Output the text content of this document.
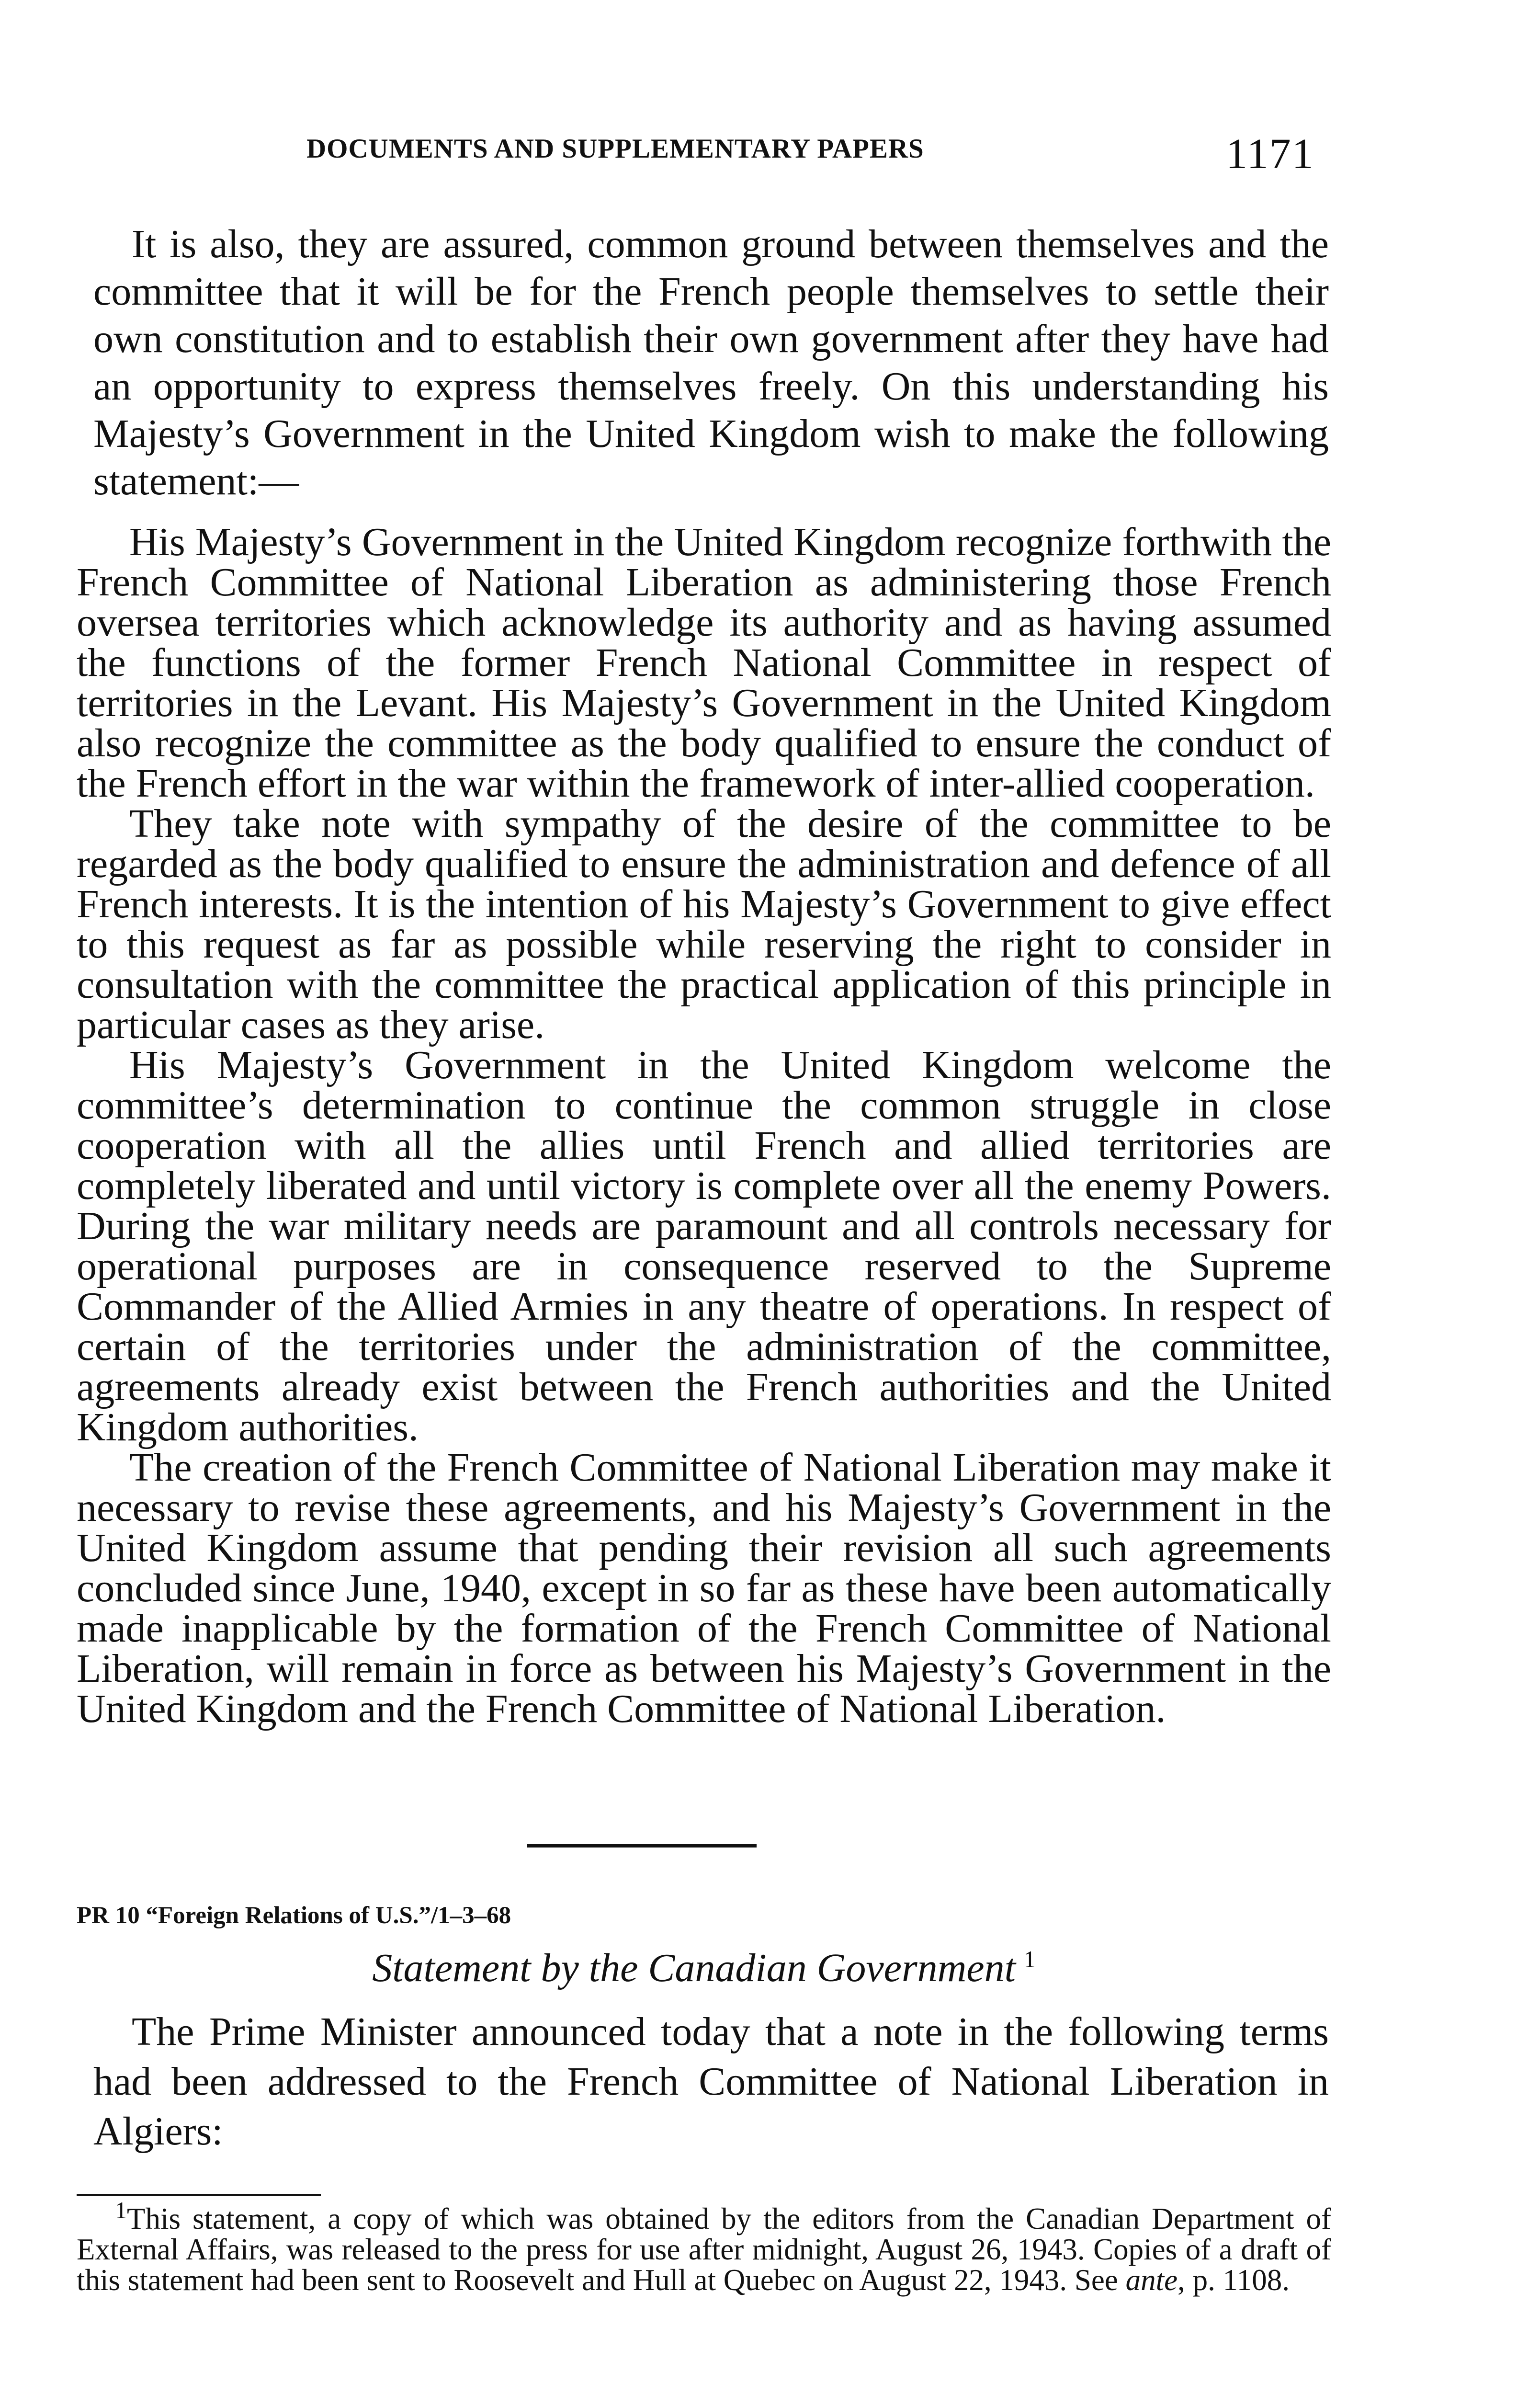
DOCUMENTS AND SUPPLEMENTARY PAPERS	1171

It is also, they are assured, common ground between themselves and the committee that it will be for the French people themselves to settle their own constitution and to establish their own government after they have had an opportunity to express themselves freely. On this understanding his Majesty’s Government in the United Kingdom wish to make the following statement:—

His Majesty’s Government in the United Kingdom recognize forthwith the French Committee of National Liberation as administering those French oversea territories which acknowledge its authority and as having assumed the functions of the former French National Committee in respect of territories in the Levant. His Majesty’s Government in the United Kingdom also recognize the committee as the body qualified to ensure the conduct of the French effort in the war within the framework of inter-allied cooperation.

They take note with sympathy of the desire of the committee to be regarded as the body qualified to ensure the administration and defence of all French interests. It is the intention of his Majesty’s Government to give effect to this request as far as possible while reserving the right to consider in consultation with the committee the practical application of this principle in particular cases as they arise.

His Majesty’s Government in the United Kingdom welcome the committee’s determination to continue the common struggle in close cooperation with all the allies until French and allied territories are completely liberated and until victory is complete over all the enemy Powers. During the war military needs are paramount and all controls necessary for operational purposes are in consequence reserved to the Supreme Commander of the Allied Armies in any theatre of operations. In respect of certain of the territories under the administration of the committee, agreements already exist between the French authorities and the United Kingdom authorities.

The creation of the French Committee of National Liberation may make it necessary to revise these agreements, and his Majesty’s Government in the United Kingdom assume that pending their revision all such agreements concluded since June, 1940, except in so far as these have been automatically made inapplicable by the formation of the French Committee of National Liberation, will remain in force as between his Majesty’s Government in the United Kingdom and the French Committee of National Liberation.

PR 10 “Foreign Relations of U.S.”/1–3–68
Statement by the Canadian Government  $^1$

The Prime Minister announced today that a note in the following terms had been addressed to the French Committee of National Liberation in Algiers:

$^1$This statement, a copy of which was obtained by the editors from the Canadian Department of External Affairs, was released to the press for use after midnight, August 26, 1943. Copies of a draft of this statement had been sent to Roosevelt and Hull at Quebec on August 22, 1943. See ante, p. 1108.
